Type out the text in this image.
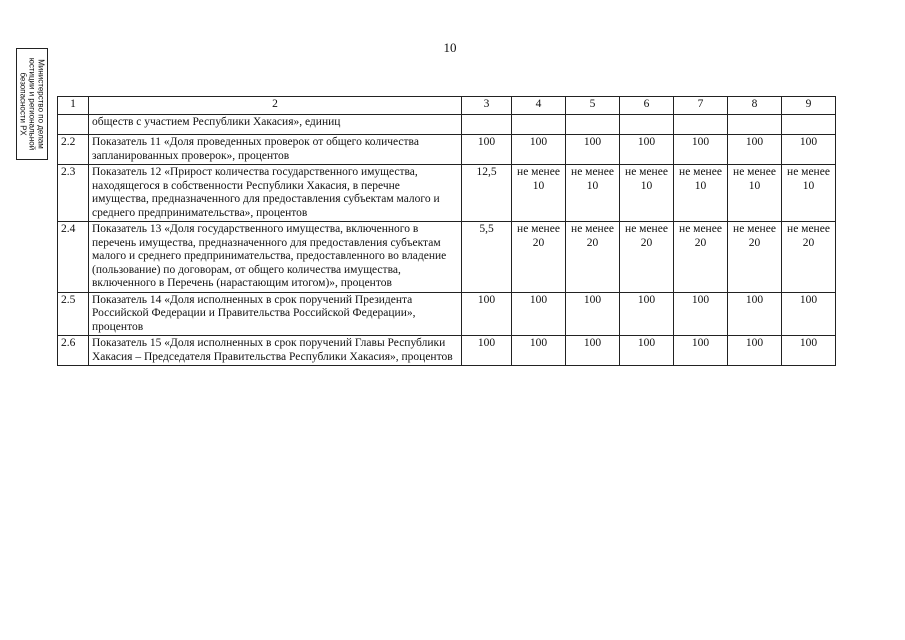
10
Министерство по делам
юстиции и региональной
безопасности РХ	1	2	3	4	5	6	7	8	9
	обществ с участием Республики Хакасия», единиц							
2.2	Показатель 11 «Доля проведенных проверок от общего количества запланированных проверок», процентов	100	100	100	100	100	100	100
2.3	Показатель 12 «Прирост количества государственного имущества, находящегося в собственности Республики Хакасия, в перечне имущества, предназначенного для предоставления субъектам малого и среднего предпринимательства», процентов	12,5	не менее 10	не менее 10	не менее 10	не менее 10	не менее 10	не менее 10
2.4	Показатель 13 «Доля государственного имущества, включенного в перечень имущества, предназначенного для предоставления субъектам малого и среднего предпринимательства, предоставленного во владение (пользование) по договорам, от общего количества имущества, включенного в Перечень (нарастающим итогом)», процентов	5,5	не менее 20	не менее 20	не менее 20	не менее 20	не менее 20	не менее 20
2.5	Показатель 14 «Доля исполненных в срок поручений Президента Российской Федерации и Правительства Российской Федерации», процентов	100	100	100	100	100	100	100
2.6	Показатель 15 «Доля исполненных в срок поручений Главы Республики Хакасия – Председателя Правительства Республики Хакасия», процентов	100	100	100	100	100	100	100
